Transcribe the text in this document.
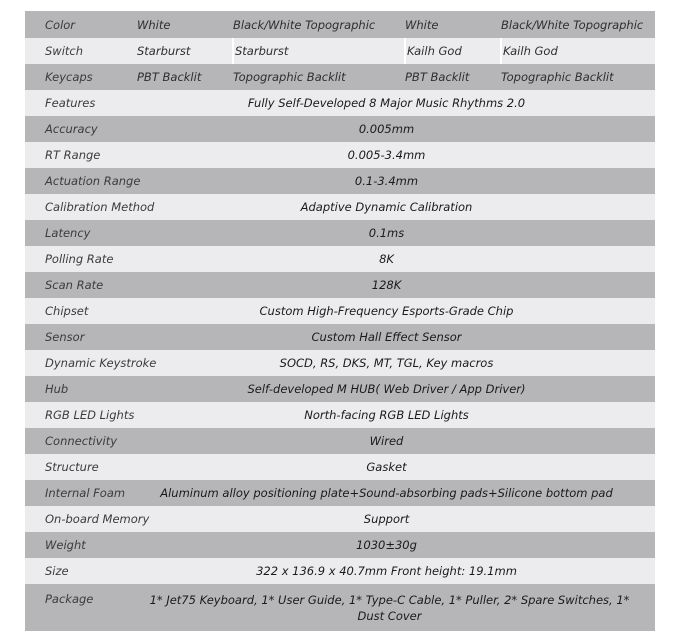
Color	White	Black/White Topographic	White	Black/White Topographic
Switch	Starburst	Starburst	Kailh God	Kailh God
Keycaps	PBT Backlit	Topographic Backlit	PBT Backlit	Topographic Backlit
Features	Fully Self-Developed 8 Major Music Rhythms 2.0
Accuracy	0.005mm
RT Range	0.005-3.4mm
Actuation Range	0.1-3.4mm
Calibration Method	Adaptive Dynamic Calibration
Latency	0.1ms
Polling Rate	8K
Scan Rate	128K
Chipset	Custom High-Frequency Esports-Grade Chip
Sensor	Custom Hall Effect Sensor
Dynamic Keystroke	SOCD, RS, DKS, MT, TGL, Key macros
Hub	Self-developed M HUB( Web Driver / App Driver)
RGB LED Lights	North-facing RGB LED Lights
Connectivity	Wired
Structure	Gasket
Internal Foam	Aluminum alloy positioning plate+Sound-absorbing pads+Silicone bottom pad
On-board Memory	Support
Weight	1030±30g
Size	322 x 136.9 x 40.7mm Front height: 19.1mm
Package	1* Jet75 Keyboard, 1* User Guide, 1* Type-C Cable, 1* Puller, 2* Spare Switches, 1* Dust Cover
